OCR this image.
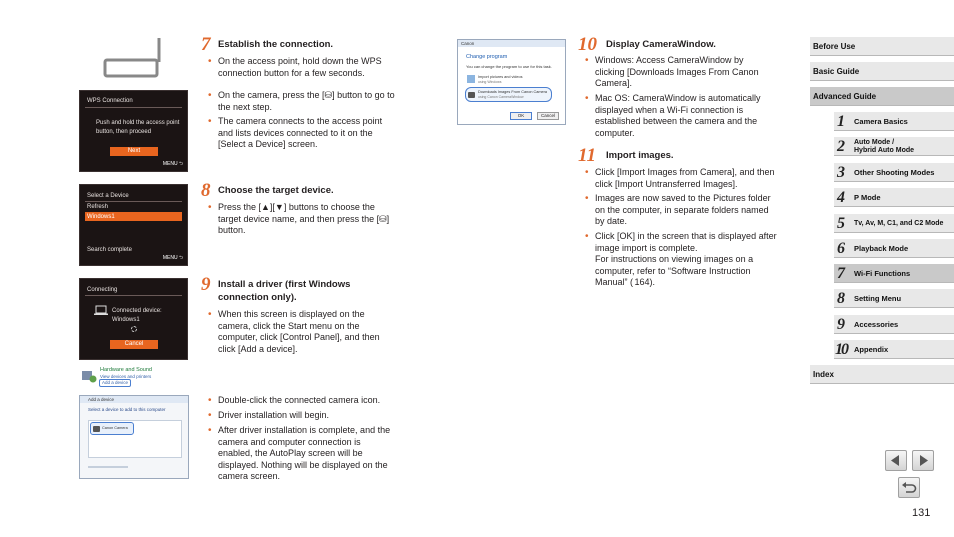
WPS Connection
Push and hold the access point
button, then proceed
Next
MENU ⮌
Select a Device
Refresh
Windows1
Search complete
MENU ⮌
Connecting
Connected device:
Windows1
Cancel
Hardware and Sound
View devices and printers
Add a device
Add a device
Select a device to add to this computer
Canon Camera
7 Establish the connection.
• On the access point, hold down the WPS connection button for a few seconds.
• On the camera, press the [⛁] button to go to the next step.
• The camera connects to the access point and lists devices connected to it on the [Select a Device] screen.
8 Choose the target device.
• Press the [▲][▼] buttons to choose the target device name, and then press the [⛁] button.
9 Install a driver (first Windows
connection only).
• When this screen is displayed on the camera, click the Start menu on the computer, click [Control Panel], and then click [Add a device].
• Double-click the connected camera icon.
• Driver installation will begin.
• After driver installation is complete, and the camera and computer connection is enabled, the AutoPlay screen will be displayed. Nothing will be displayed on the camera screen.
Canon
Change program
You can change the program to use for this task.
Import pictures and videos
using Windows
Downloads Images From Canon Camera
using Canon CameraWindow
OK	Cancel
10 Display CameraWindow.
• Windows: Access CameraWindow by clicking [Downloads Images From Canon Camera].
• Mac OS: CameraWindow is automatically displayed when a Wi-Fi connection is established between the camera and the computer.
11 Import images.
• Click [Import Images from Camera], and then click [Import Untransferred Images].
• Images are now saved to the Pictures folder on the computer, in separate folders named by date.
• Click [OK] in the screen that is displayed after image import is complete.
For instructions on viewing images on a computer, refer to “Software Instruction Manual” (  164).
Before Use
Basic Guide
Advanced Guide
1 Camera Basics
2 Auto Mode /
Hybrid Auto Mode
3 Other Shooting Modes
4 P Mode
5 Tv, Av, M, C1, and C2 Mode
6 Playback Mode
7 Wi-Fi Functions
8 Setting Menu
9 Accessories
10 Appendix
Index
131
